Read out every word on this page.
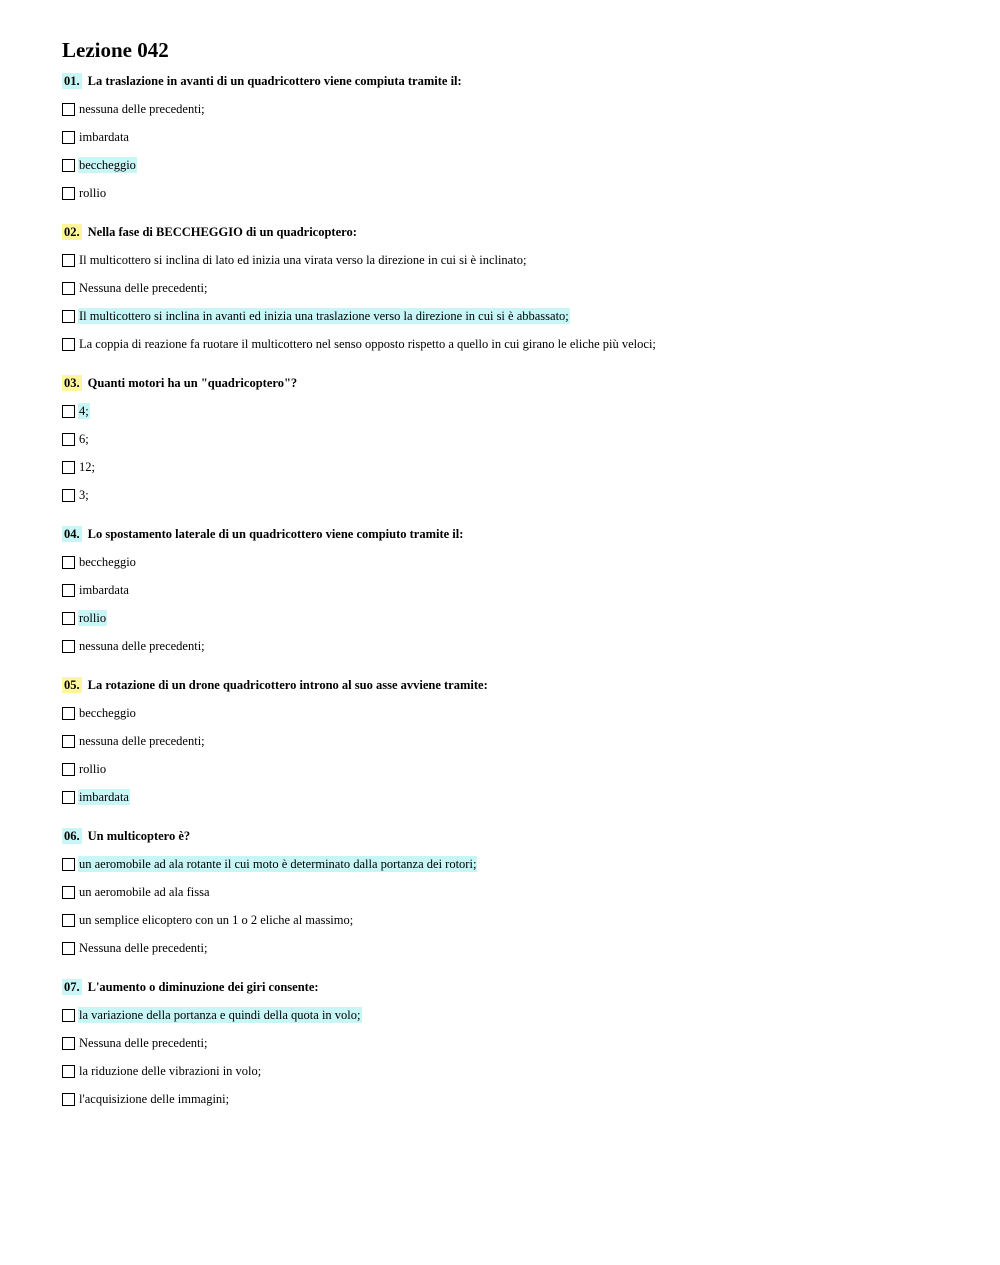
Lezione 042
01. La traslazione in avanti di un quadricottero viene compiuta tramite il:
nessuna delle precedenti;
imbardata
beccheggio
rollio
02. Nella fase di BECCHEGGIO di un quadricoptero:
Il multicottero si inclina di lato ed inizia una virata verso la direzione in cui si è inclinato;
Nessuna delle precedenti;
Il multicottero si inclina in avanti ed inizia una traslazione verso la direzione in cui si è abbassato;
La coppia di reazione fa ruotare il multicottero nel senso opposto rispetto a quello in cui girano le eliche più veloci;
03. Quanti motori ha un "quadricoptero"?
4;
6;
12;
3;
04. Lo spostamento laterale di un quadricottero viene compiuto tramite il:
beccheggio
imbardata
rollio
nessuna delle precedenti;
05. La rotazione di un drone quadricottero introno al suo asse avviene tramite:
beccheggio
nessuna delle precedenti;
rollio
imbardata
06. Un multicoptero è?
un aeromobile ad ala rotante il cui moto è determinato dalla portanza dei rotori;
un aeromobile ad ala fissa
un semplice elicoptero con un 1 o 2 eliche al massimo;
Nessuna delle precedenti;
07. L'aumento o diminuzione dei giri consente:
la variazione della portanza e quindi della quota in volo;
Nessuna delle precedenti;
la riduzione delle vibrazioni in volo;
l'acquisizione delle immagini;
